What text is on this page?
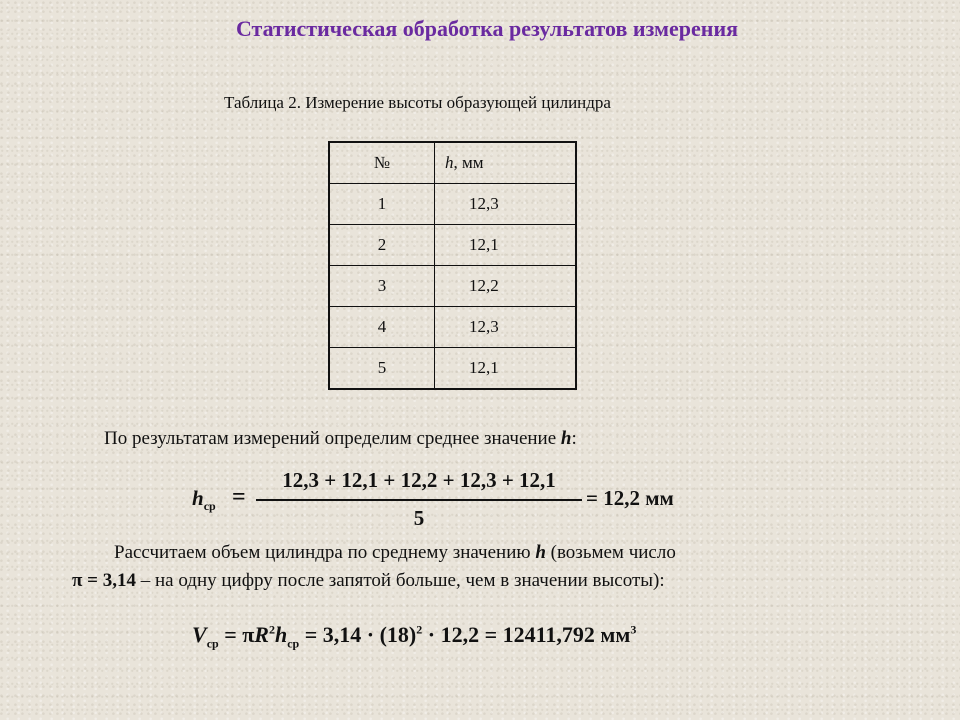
Статистическая обработка результатов измерения
Таблица 2. Измерение высоты образующей цилиндра
№	h, мм
1	12,3
2	12,1
3	12,2
4	12,3
5	12,1
По результатам измерений определим среднее значение h:
$h_{ср}$ =
12,3 + 12,1 + 12,2 + 12,3 + 12,1
5
= 12,2 мм
Рассчитаем объем цилиндра по среднему значению h (возьмем число
π = 3,14 – на одну цифру после запятой больше, чем в значении высоты):
$V_{ср} = \pi R^2h_{ср} = 3,14 \cdot (18)^2 \cdot 12,2 = 12411,792$ $мм^3$
